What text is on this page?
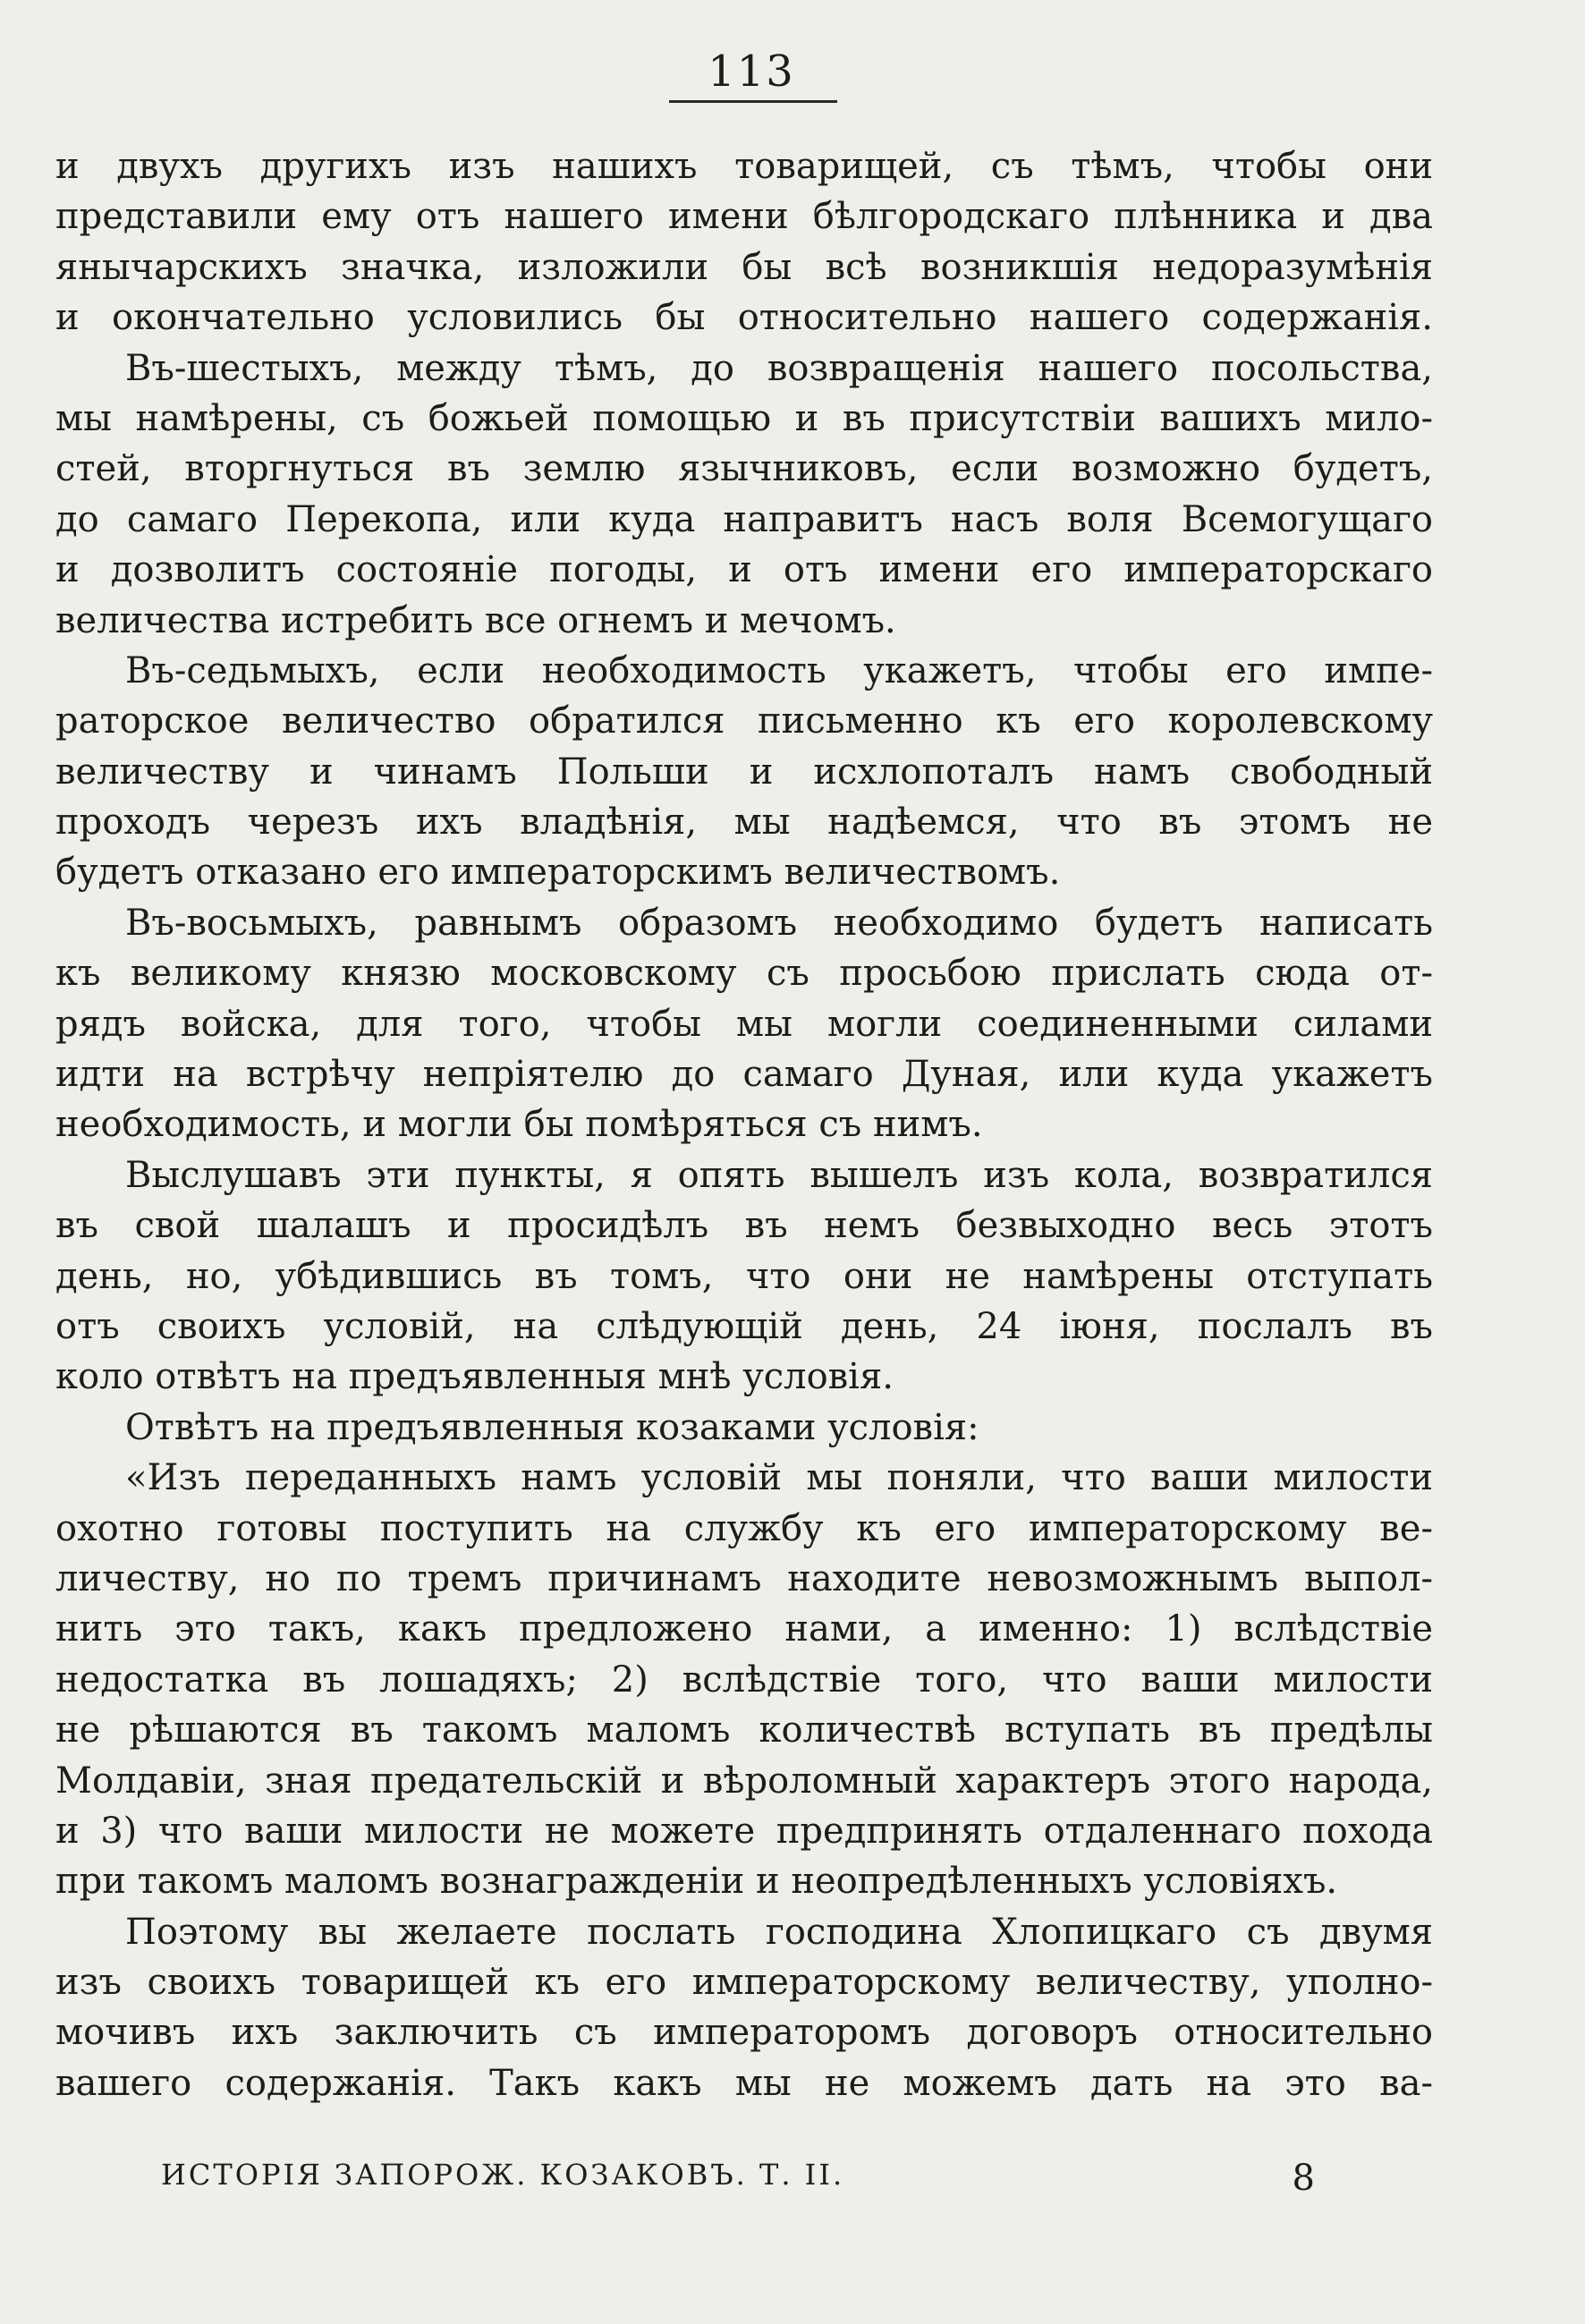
113
и двухъ другихъ изъ нашихъ товарищей, съ тѣмъ, чтобы они
представили ему отъ нашего имени бѣлгородскаго плѣнника и два
янычарскихъ значка, изложили бы всѣ возникшія недоразумѣнія
и окончательно условились бы относительно нашего содержанія.
Въ-шестыхъ, между тѣмъ, до возвращенія нашего посольства,
мы намѣрены, съ божьей помощью и въ присутствіи вашихъ мило-
стей, вторгнуться въ землю язычниковъ, если возможно будетъ,
до самаго Перекопа, или куда направитъ насъ воля Всемогущаго
и дозволитъ состояніе погоды, и отъ имени его императорскаго
величества истребить все огнемъ и мечомъ.
Въ-седьмыхъ, если необходимость укажетъ, чтобы его импе-
раторское величество обратился письменно къ его королевскому
величеству и чинамъ Польши и исхлопоталъ намъ свободный
проходъ черезъ ихъ владѣнія, мы надѣемся, что въ этомъ не
будетъ отказано его императорскимъ величествомъ.
Въ-восьмыхъ, равнымъ образомъ необходимо будетъ написать
къ великому князю московскому съ просьбою прислать сюда от-
рядъ войска, для того, чтобы мы могли соединенными силами
идти на встрѣчу непріятелю до самаго Дуная, или куда укажетъ
необходимость, и могли бы помѣряться съ нимъ.
Выслушавъ эти пункты, я опять вышелъ изъ кола, возвратился
въ свой шалашъ и просидѣлъ въ немъ безвыходно весь этотъ
день, но, убѣдившись въ томъ, что они не намѣрены отступать
отъ своихъ условій, на слѣдующій день, 24 іюня, послалъ въ
коло отвѣтъ на предъявленныя мнѣ условія.
Отвѣтъ на предъявленныя козаками условія:
«Изъ переданныхъ намъ условій мы поняли, что ваши милости
охотно готовы поступить на службу къ его императорскому ве-
личеству, но по тремъ причинамъ находите невозможнымъ выпол-
нить это такъ, какъ предложено нами, а именно: 1) вслѣдствіе
недостатка въ лошадяхъ; 2) вслѣдствіе того, что ваши милости
не рѣшаются въ такомъ маломъ количествѣ вступать въ предѣлы
Молдавіи, зная предательскій и вѣроломный характеръ этого народа,
и 3) что ваши милости не можете предпринять отдаленнаго похода
при такомъ маломъ вознагражденіи и неопредѣленныхъ условіяхъ.
Поэтому вы желаете послать господина Хлопицкаго съ двумя
изъ своихъ товарищей къ его императорскому величеству, уполно-
мочивъ ихъ заключить съ императоромъ договоръ относительно
вашего содержанія. Такъ какъ мы не можемъ дать на это ва-
ИСТОРІЯ ЗАПОРОЖ. КОЗАКОВЪ. Т. II.	8
